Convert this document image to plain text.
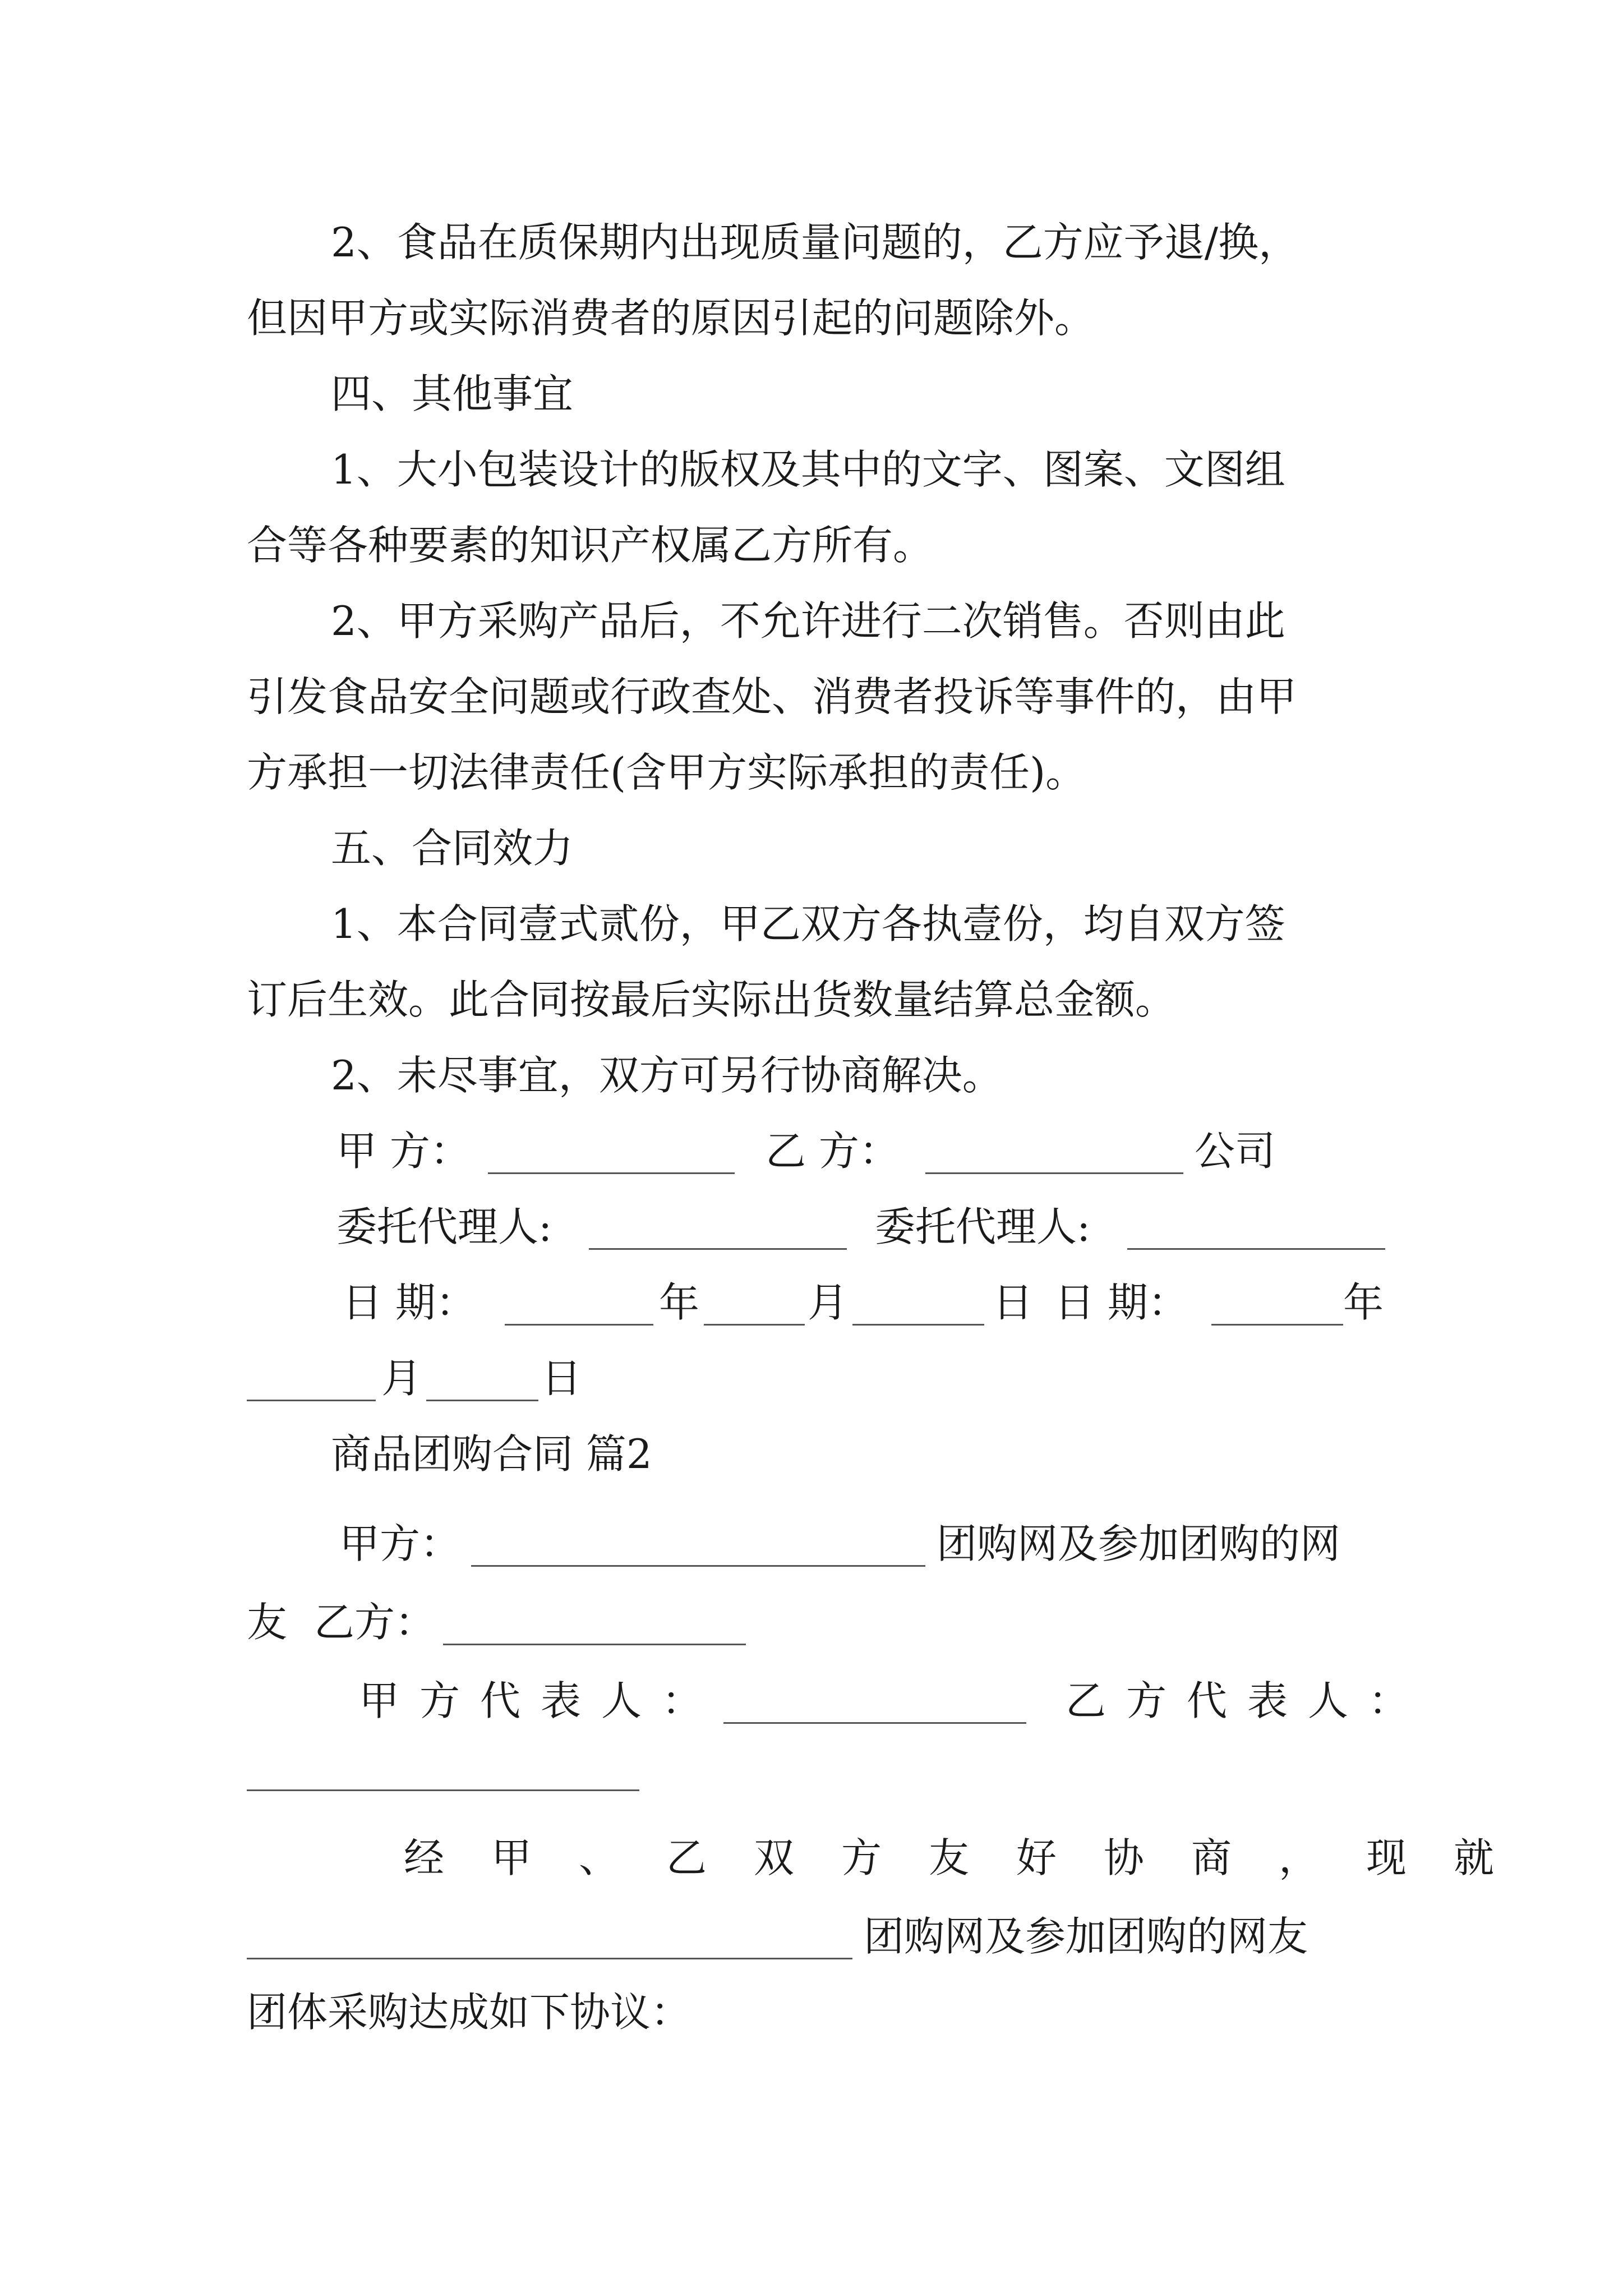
2、食品在质保期内出现质量问题的，乙方应予退/换，
但因甲方或实际消费者的原因引起的问题除外。
四、其他事宜
1、大小包装设计的版权及其中的文字、图案、文图组
合等各种要素的知识产权属乙方所有。
2、甲方采购产品后，不允许进行二次销售。否则由此
引发食品安全问题或行政查处、消费者投诉等事件的，由甲
方承担一切法律责任(含甲方实际承担的责任)。
五、合同效力
1、本合同壹式贰份，甲乙双方各执壹份，均自双方签
订后生效。此合同按最后实际出货数量结算总金额。
2、未尽事宜，双方可另行协商解决。
甲 方：	乙 方：	公司
委托代理人:	委托代理人:
日 期：	年	月	日 日 期：	年
月	日
商品团购合同 篇2
甲方：	团购网及参加团购的网
友 乙方：
甲方代表人：	乙方代表人：
经甲、乙双方友好协商，现就
团购网及参加团购的网友
团体采购达成如下协议：
